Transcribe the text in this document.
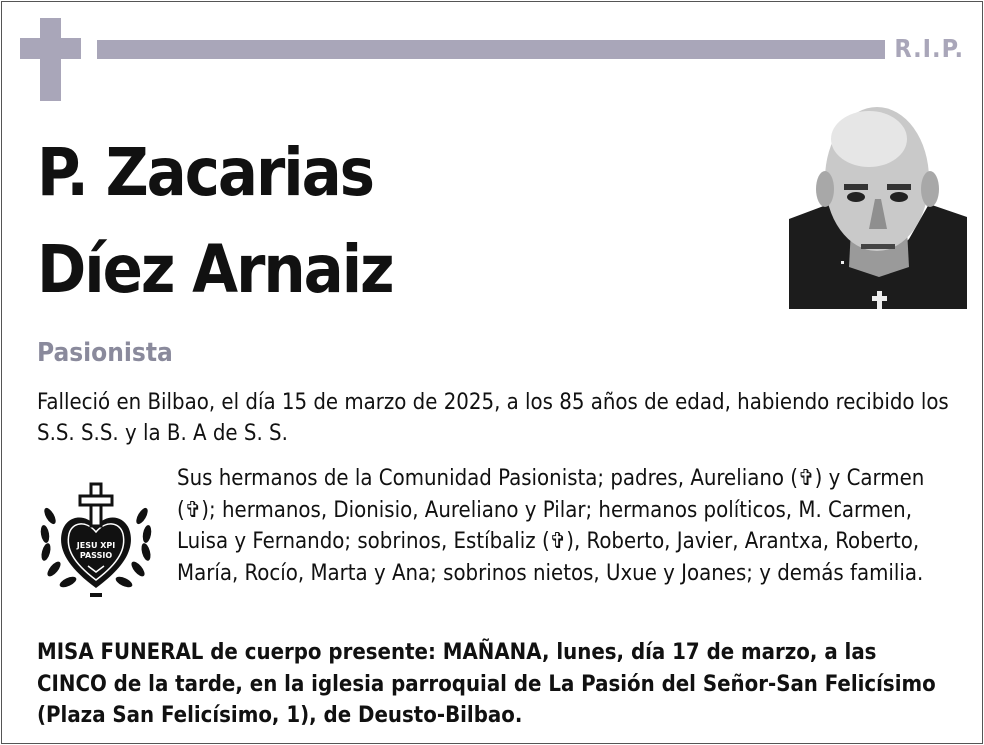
R.I.P.
P. Zacarias
Díez Arnaiz
Pasionista
Falleció en Bilbao, el día 15 de marzo de 2025, a los 85 años de edad, habiendo recibido los S.S. S.S. y la B. A de S. S.
JESU XPI
PASSIO
Sus hermanos de la Comunidad Pasionista; padres, Aureliano (✞) y Carmen (✞); hermanos, Dionisio, Aureliano y Pilar; hermanos políticos, M. Carmen, Luisa y Fernando; sobrinos, Estíbaliz (✞), Roberto, Javier, Arantxa, Roberto, María, Rocío, Marta y Ana; sobrinos nietos, Uxue y Joanes; y demás familia.
MISA FUNERAL de cuerpo presente: MAÑANA, lunes, día 17 de marzo, a las CINCO de la tarde, en la iglesia parroquial de La Pasión del Señor-San Felicísimo (Plaza San Felicísimo, 1), de Deusto-Bilbao.
